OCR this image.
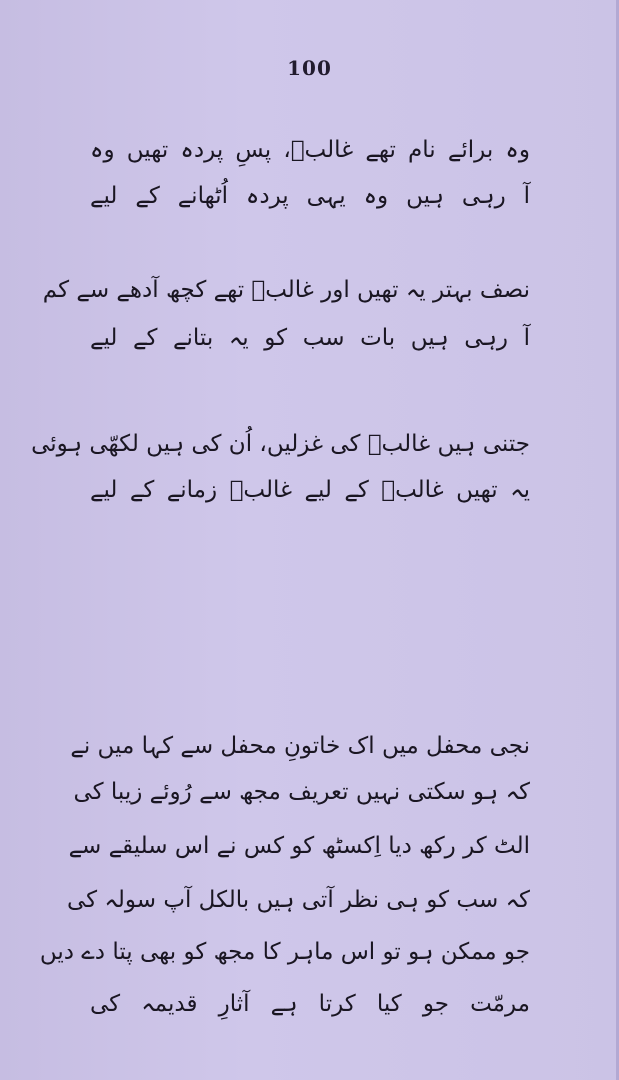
100
وہ برائے نام تھے غالبؔ، پسِ پردہ تھیں وہ
آ رہی ہیں وہ یہی پردہ اُٹھانے کے لیے
نصف بہتر یہ تھیں اور غالبؔ تھے کچھ آدھے سے کم
آ رہی ہیں بات سب کو یہ بتانے کے لیے
جتنی ہیں غالبؔ کی غزلیں، اُن کی ہیں لکھّی ہوئی
یہ تھیں غالبؔ کے لیے غالبؔ زمانے کے لیے
نجی محفل میں اک خاتونِ محفل سے کہا میں نے
کہ ہو سکتی نہیں تعریف مجھ سے رُوئے زیبا کی
الٹ کر رکھ دیا اِکسٹھ کو کس نے اس سلیقے سے
کہ سب کو ہی نظر آتی ہیں بالکل آپ سولہ کی
جو ممکن ہو تو اس ماہر کا مجھ کو بھی پتا دے دیں
مرمّت جو کیا کرتا ہے آثارِ قدیمہ کی
